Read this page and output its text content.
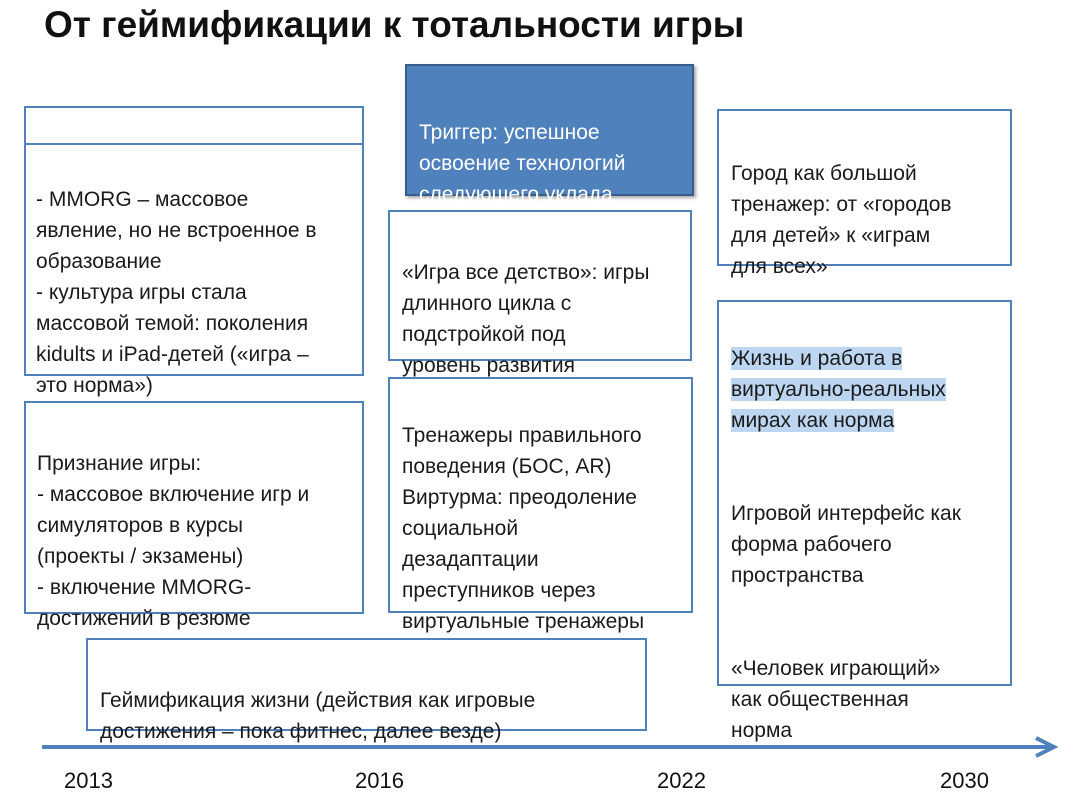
От геймификации к тотальности игры

- MMORG – массовое
явление, но не встроенное в
образование
- культура игры стала
массовой темой: поколения
kidults и iPad-детей («игра –
это норма»)

Признание игры:
- массовое включение игр и
симуляторов в курсы
(проекты / экзамены)
- включение MMORG-
достижений в резюме

Геймификация жизни (действия как игровые
достижения – пока фитнес, далее везде)

Триггер: успешное
освоение технологий
следующего уклада

«Игра все детство»: игры
длинного цикла с
подстройкой под
уровень развития

Тренажеры правильного
поведения (БОС, AR)
Виртурма: преодоление
социальной
дезадаптации
преступников через
виртуальные тренажеры

Город как большой
тренажер: от «городов
для детей» к «играм
для всех»

Жизнь и работа в
виртуально-реальных
мирах как норма

Игровой интерфейс как
форма рабочего
пространства

«Человек играющий»
как общественная
норма

2013	2016	2022	2030
